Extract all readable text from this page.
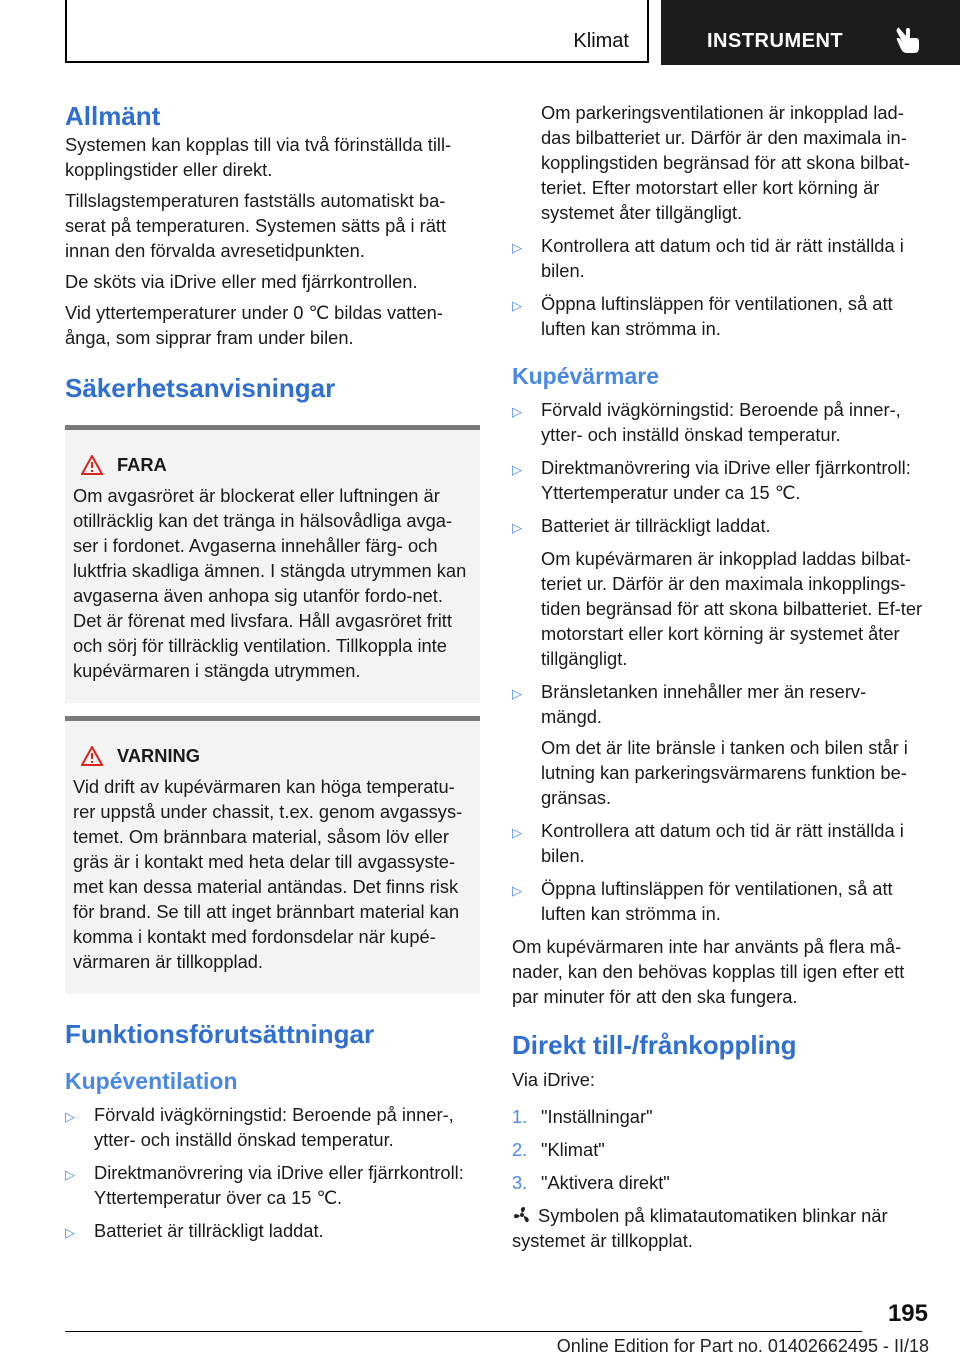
Klimat	INSTRUMENT
Allmänt

Systemen kan kopplas till via två förinställda till-kopplingstider eller direkt.

Tillslagstemperaturen fastställs automatiskt ba-serat på temperaturen. Systemen sätts på i rätt innan den förvalda avresetidpunkten.

De sköts via iDrive eller med fjärrkontrollen.

Vid yttertemperaturer under 0 ℃ bildas vatten-ånga, som sipprar fram under bilen.

Säkerhetsanvisningar
FARA

Om avgasröret är blockerat eller luftningen är otillräcklig kan det tränga in hälsovådliga avga-ser i fordonet. Avgaserna innehåller färg- och luktfria skadliga ämnen. I stängda utrymmen kan avgaserna även anhopa sig utanför fordo-net. Det är förenat med livsfara. Håll avgasröret fritt och sörj för tillräcklig ventilation. Tillkoppla inte kupévärmaren i stängda utrymmen.

VARNING

Vid drift av kupévärmaren kan höga temperatu-rer uppstå under chassit, t.ex. genom avgassys-temet. Om brännbara material, såsom löv eller gräs är i kontakt med heta delar till avgassyste-met kan dessa material antändas. Det finns risk för brand. Se till att inget brännbart material kan komma i kontakt med fordonsdelar när kupé-värmaren är tillkopplad.

Funktionsförutsättningar
Kupéventilation
▷	Förvald ivägkörningstid: Beroende på inner-, ytter- och inställd önskad temperatur.
▷	Direktmanövrering via iDrive eller fjärrkontroll: Yttertemperatur över ca 15 ℃.
▷	Batteriet är tillräckligt laddat.

Om parkeringsventilationen är inkopplad lad-das bilbatteriet ur. Därför är den maximala in-kopplingstiden begränsad för att skona bilbat-teriet. Efter motorstart eller kort körning är systemet åter tillgängligt.

▷	Kontrollera att datum och tid är rätt inställda i bilen.
▷	Öppna luftinsläppen för ventilationen, så att luften kan strömma in.
Kupévärmare
▷	Förvald ivägkörningstid: Beroende på inner-, ytter- och inställd önskad temperatur.
▷	Direktmanövrering via iDrive eller fjärrkontroll: Yttertemperatur under ca 15 ℃.
▷	Batteriet är tillräckligt laddat.

Om kupévärmaren är inkopplad laddas bilbat-teriet ur. Därför är den maximala inkopplings-tiden begränsad för att skona bilbatteriet. Ef-ter motorstart eller kort körning är systemet åter tillgängligt.

▷	Bränsletanken innehåller mer än reserv-mängd.

Om det är lite bränsle i tanken och bilen står i lutning kan parkeringsvärmarens funktion be-gränsas.

▷	Kontrollera att datum och tid är rätt inställda i bilen.
▷	Öppna luftinsläppen för ventilationen, så att luften kan strömma in.

Om kupévärmaren inte har använts på flera må-nader, kan den behövas kopplas till igen efter ett par minuter för att den ska fungera.

Direkt till-/frånkoppling

Via iDrive:

1. "Inställningar"
2. "Klimat"
3. "Aktivera direkt"

Symbolen på klimatautomatiken blinkar när systemet är tillkopplat.

195
Online Edition for Part no. 01402662495 - II/18
